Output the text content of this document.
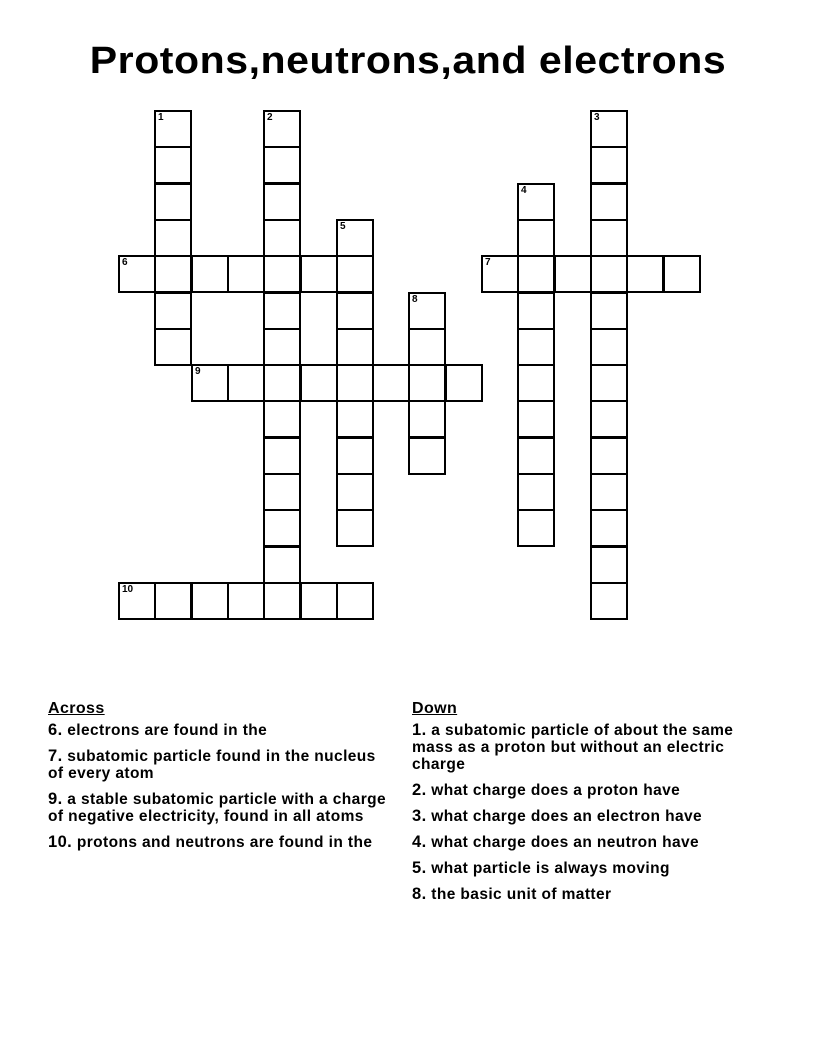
Protons,neutrons,and electrons
1	2	3
4
5
6	7
8
9
10
Across
6. electrons are found in the
7. subatomic particle found in the nucleus of every atom
9. a stable subatomic particle with a charge of negative electricity, found in all atoms
10. protons and neutrons are found in the
Down
1. a subatomic particle of about the same mass as a proton but without an electric charge
2. what charge does a proton have
3. what charge does an electron have
4. what charge does an neutron have
5. what particle is always moving
8. the basic unit of matter
